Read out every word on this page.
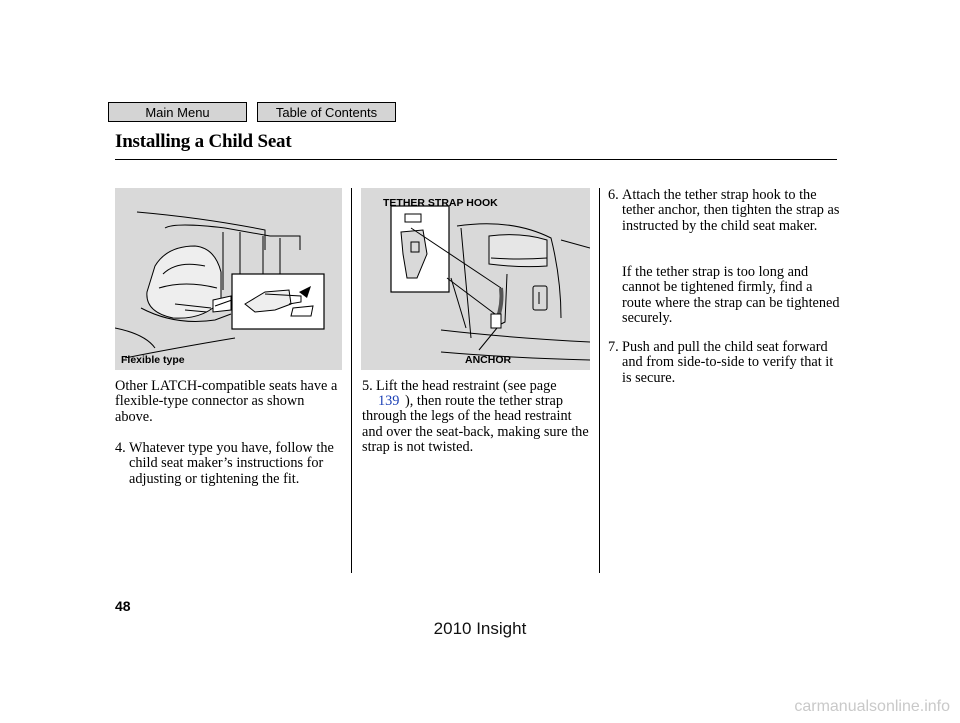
Main Menu	Table of Contents
Installing a Child Seat
Flexible type
TETHER STRAP HOOK
ANCHOR

Other LATCH-compatible seats have a flexible-type connector as shown above.

4. Whatever type you have, follow the child seat maker’s instructions for adjusting or tightening the fit.
5. Lift the head restraint (see page
139 ), then route the tether strap through the legs of the head restraint and over the seat-back, making sure the strap is not twisted.
6. Attach the tether strap hook to the tether anchor, then tighten the strap as instructed by the child seat maker.
If the tether strap is too long and cannot be tightened firmly, find a route where the strap can be tightened securely.
7. Push and pull the child seat forward and from side-to-side to verify that it is secure.
48
2010 Insight
carmanualsonline.info
